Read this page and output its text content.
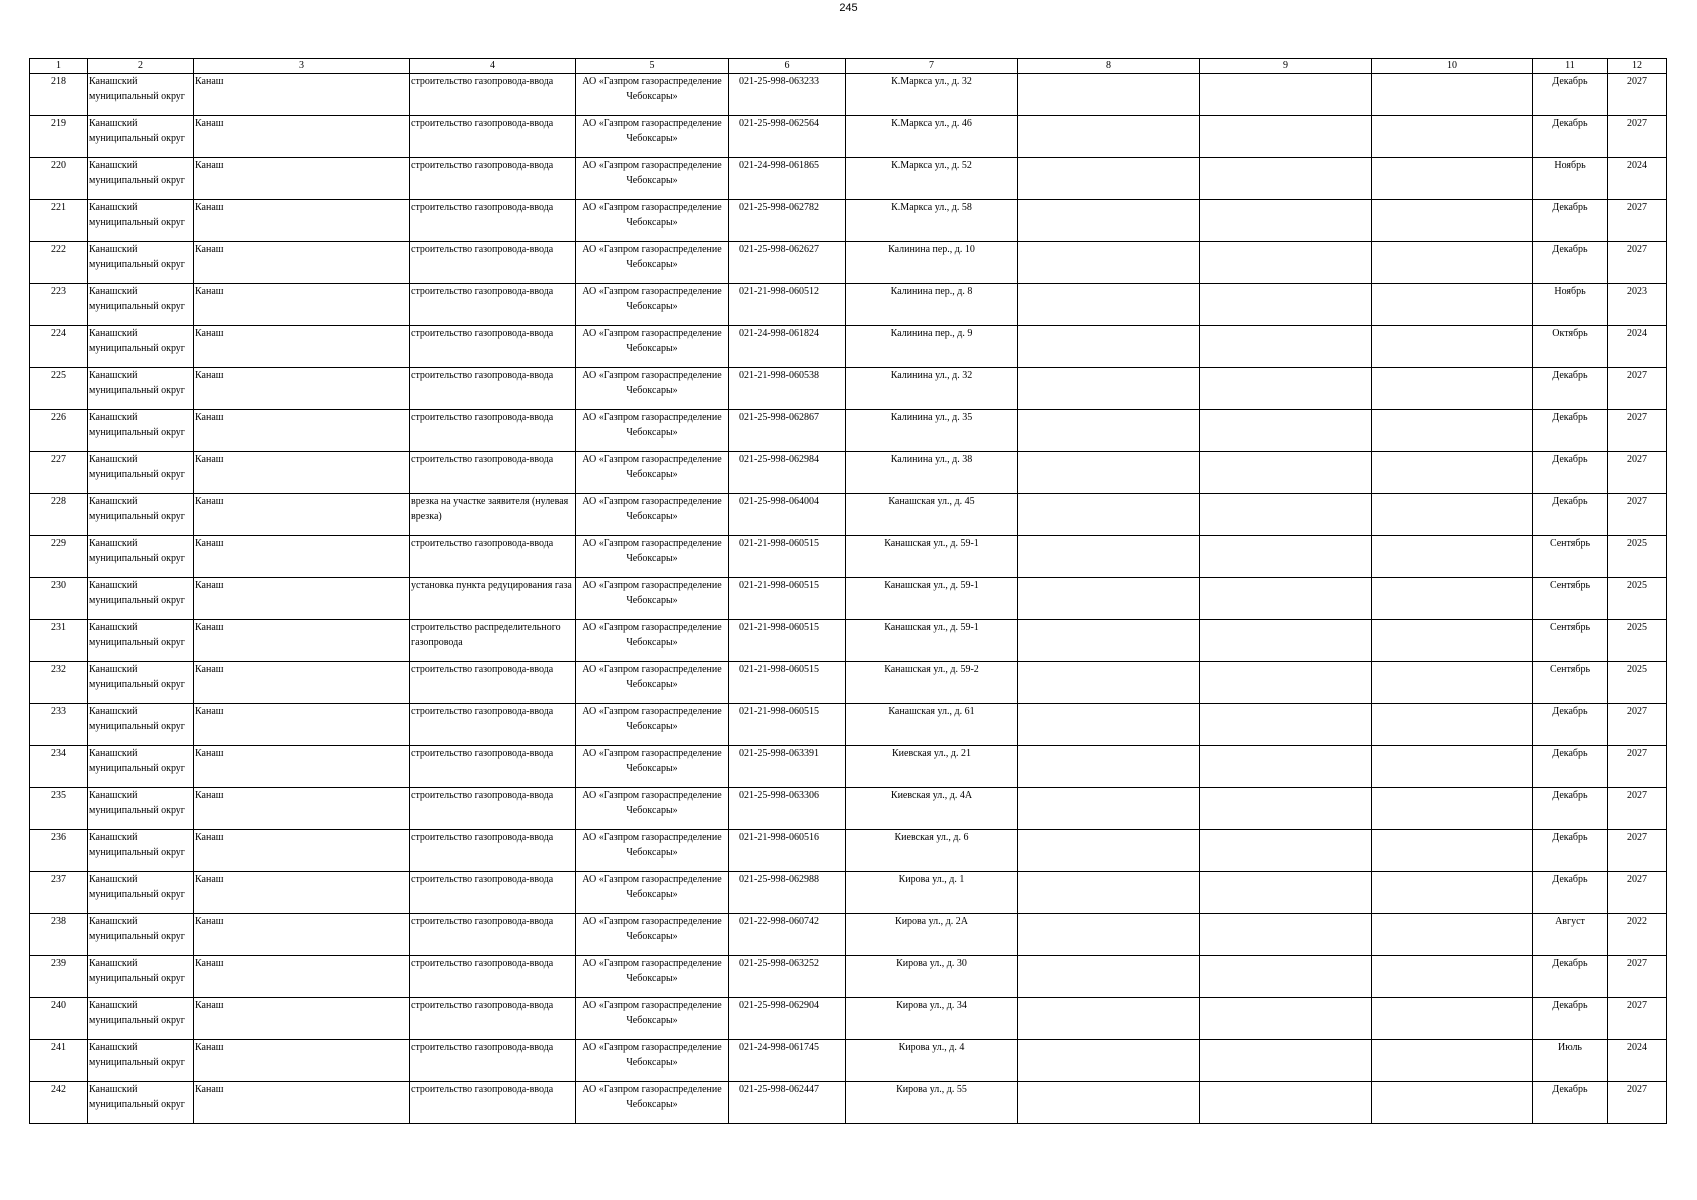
245
1	2	3	4	5	6	7	8	9	10	11	12

218	Канашский муниципальный округ	Канаш	строительство газопровода-ввода	АО «Газпром газораспределение Чебоксары»	021-25-998-063233	К.Маркса ул., д. 32				Декабрь	2027

219	Канашский муниципальный округ	Канаш	строительство газопровода-ввода	АО «Газпром газораспределение Чебоксары»	021-25-998-062564	К.Маркса ул., д. 46				Декабрь	2027

220	Канашский муниципальный округ	Канаш	строительство газопровода-ввода	АО «Газпром газораспределение Чебоксары»	021-24-998-061865	К.Маркса ул., д. 52				Ноябрь	2024

221	Канашский муниципальный округ	Канаш	строительство газопровода-ввода	АО «Газпром газораспределение Чебоксары»	021-25-998-062782	К.Маркса ул., д. 58				Декабрь	2027

222	Канашский муниципальный округ	Канаш	строительство газопровода-ввода	АО «Газпром газораспределение Чебоксары»	021-25-998-062627	Калинина пер., д. 10				Декабрь	2027

223	Канашский муниципальный округ	Канаш	строительство газопровода-ввода	АО «Газпром газораспределение Чебоксары»	021-21-998-060512	Калинина пер., д. 8				Ноябрь	2023

224	Канашский муниципальный округ	Канаш	строительство газопровода-ввода	АО «Газпром газораспределение Чебоксары»	021-24-998-061824	Калинина пер., д. 9				Октябрь	2024

225	Канашский муниципальный округ	Канаш	строительство газопровода-ввода	АО «Газпром газораспределение Чебоксары»	021-21-998-060538	Калинина ул., д. 32				Декабрь	2027

226	Канашский муниципальный округ	Канаш	строительство газопровода-ввода	АО «Газпром газораспределение Чебоксары»	021-25-998-062867	Калинина ул., д. 35				Декабрь	2027

227	Канашский муниципальный округ	Канаш	строительство газопровода-ввода	АО «Газпром газораспределение Чебоксары»	021-25-998-062984	Калинина ул., д. 38				Декабрь	2027

228	Канашский муниципальный округ	Канаш	врезка на участке заявителя (нулевая врезка)	АО «Газпром газораспределение Чебоксары»	021-25-998-064004	Канашская ул., д. 45				Декабрь	2027

229	Канашский муниципальный округ	Канаш	строительство газопровода-ввода	АО «Газпром газораспределение Чебоксары»	021-21-998-060515	Канашская ул., д. 59-1				Сентябрь	2025

230	Канашский муниципальный округ	Канаш	установка пункта редуцирования газа	АО «Газпром газораспределение Чебоксары»	021-21-998-060515	Канашская ул., д. 59-1				Сентябрь	2025

231	Канашский муниципальный округ	Канаш	строительство распределительного газопровода	АО «Газпром газораспределение Чебоксары»	021-21-998-060515	Канашская ул., д. 59-1				Сентябрь	2025

232	Канашский муниципальный округ	Канаш	строительство газопровода-ввода	АО «Газпром газораспределение Чебоксары»	021-21-998-060515	Канашская ул., д. 59-2				Сентябрь	2025

233	Канашский муниципальный округ	Канаш	строительство газопровода-ввода	АО «Газпром газораспределение Чебоксары»	021-21-998-060515	Канашская ул., д. 61				Декабрь	2027

234	Канашский муниципальный округ	Канаш	строительство газопровода-ввода	АО «Газпром газораспределение Чебоксары»	021-25-998-063391	Киевская ул., д. 21				Декабрь	2027

235	Канашский муниципальный округ	Канаш	строительство газопровода-ввода	АО «Газпром газораспределение Чебоксары»	021-25-998-063306	Киевская ул., д. 4А				Декабрь	2027

236	Канашский муниципальный округ	Канаш	строительство газопровода-ввода	АО «Газпром газораспределение Чебоксары»	021-21-998-060516	Киевская ул., д. 6				Декабрь	2027

237	Канашский муниципальный округ	Канаш	строительство газопровода-ввода	АО «Газпром газораспределение Чебоксары»	021-25-998-062988	Кирова ул., д. 1				Декабрь	2027

238	Канашский муниципальный округ	Канаш	строительство газопровода-ввода	АО «Газпром газораспределение Чебоксары»	021-22-998-060742	Кирова ул., д. 2А				Август	2022

239	Канашский муниципальный округ	Канаш	строительство газопровода-ввода	АО «Газпром газораспределение Чебоксары»	021-25-998-063252	Кирова ул., д. 30				Декабрь	2027

240	Канашский муниципальный округ	Канаш	строительство газопровода-ввода	АО «Газпром газораспределение Чебоксары»	021-25-998-062904	Кирова ул., д. 34				Декабрь	2027

241	Канашский муниципальный округ	Канаш	строительство газопровода-ввода	АО «Газпром газораспределение Чебоксары»	021-24-998-061745	Кирова ул., д. 4				Июль	2024

242	Канашский муниципальный округ	Канаш	строительство газопровода-ввода	АО «Газпром газораспределение Чебоксары»	021-25-998-062447	Кирова ул., д. 55				Декабрь	2027
